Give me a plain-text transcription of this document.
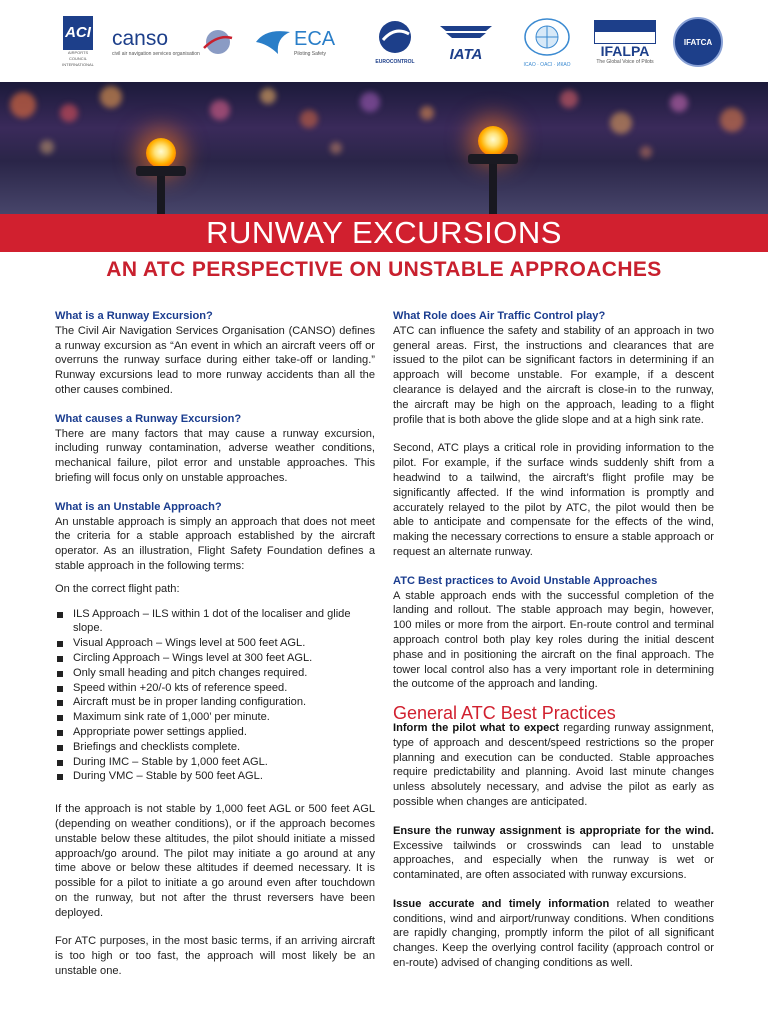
ACI
AIRPORTS COUNCIL INTERNATIONAL
canso
civil air navigation services organisation
ECA
Piloting Safety
EUROCONTROL	IATA
ICAO · OACI · ИКАО
IFALPA
The Global Voice of Pilots
IFATCA
RUNWAY EXCURSIONS
AN ATC PERSPECTIVE ON UNSTABLE APPROACHES

What is a Runway Excursion?

The Civil Air Navigation Services Organisation (CANSO) defines a runway excursion as “An event in which an aircraft veers off or overruns the runway surface during either take-off or landing.” Runway excursions lead to more runway accidents than all the other causes combined.

What causes a Runway Excursion?

There are many factors that may cause a runway excursion, including runway contamination, adverse weather conditions, mechanical failure, pilot error and unstable approaches. This briefing will focus only on unstable approaches.

What is an Unstable Approach?

An unstable approach is simply an approach that does not meet the criteria for a stable approach established by the aircraft operator. As an illustration, Flight Safety Foundation defines a stable approach in the following terms:

On the correct flight path:

ILS Approach – ILS within 1 dot of the localiser and glide slope.
Visual Approach – Wings level at 500 feet AGL.
Circling Approach – Wings level at 300 feet AGL.
Only small heading and pitch changes required.
Speed within +20/-0 kts of reference speed.
Aircraft must be in proper landing configuration.
Maximum sink rate of 1,000’ per minute.
Appropriate power settings applied.
Briefings and checklists complete.
During IMC – Stable by 1,000 feet AGL.
During VMC – Stable by 500 feet AGL.

If the approach is not stable by 1,000 feet AGL or 500 feet AGL (depending on weather conditions), or if the approach becomes unstable below these altitudes, the pilot should initiate a missed approach/go around. The pilot may initiate a go around at any time above or below these altitudes if deemed necessary. It is possible for a pilot to initiate a go around even after touchdown on the runway, but not after the thrust reversers have been deployed.

For ATC purposes, in the most basic terms, if an arriving aircraft is too high or too fast, the approach will most likely be an unstable one.

What Role does Air Traffic Control play?

ATC can influence the safety and stability of an approach in two general areas. First, the instructions and clearances that are issued to the pilot can be significant factors in determining if an approach will become unstable. For example, if a descent clearance is delayed and the aircraft is close-in to the runway, the aircraft may be high on the approach, leading to a flight profile that is both above the glide slope and at a high sink rate.

Second, ATC plays a critical role in providing information to the pilot. For example, if the surface winds suddenly shift from a headwind to a tailwind, the aircraft’s flight profile may be significantly affected. If the wind information is promptly and accurately relayed to the pilot by ATC, the pilot would then be able to anticipate and compensate for the effects of the wind, making the necessary corrections to ensure a stable approach or request an alternate runway.

ATC Best practices to Avoid Unstable Approaches

A stable approach ends with the successful completion of the landing and rollout. The stable approach may begin, however, 100 miles or more from the airport. En-route control and terminal approach control both play key roles during the initial descent phase and in positioning the aircraft on the final approach. The tower local control also has a very important role in determining the outcome of the approach and landing.

General ATC Best Practices

Inform the pilot what to expect regarding runway assignment, type of approach and descent/speed restrictions so the proper planning and execution can be conducted. Stable approaches require predictability and planning. Avoid last minute changes unless absolutely necessary, and advise the pilot as early as possible when changes are anticipated.

Ensure the runway assignment is appropriate for the wind. Excessive tailwinds or crosswinds can lead to unstable approaches, and especially when the runway is wet or contaminated, are often associated with runway excursions.

Issue accurate and timely information related to weather conditions, wind and airport/runway conditions. When conditions are rapidly changing, promptly inform the pilot of all significant changes. Keep the overlying control facility (approach control or en-route) advised of changing conditions as well.
